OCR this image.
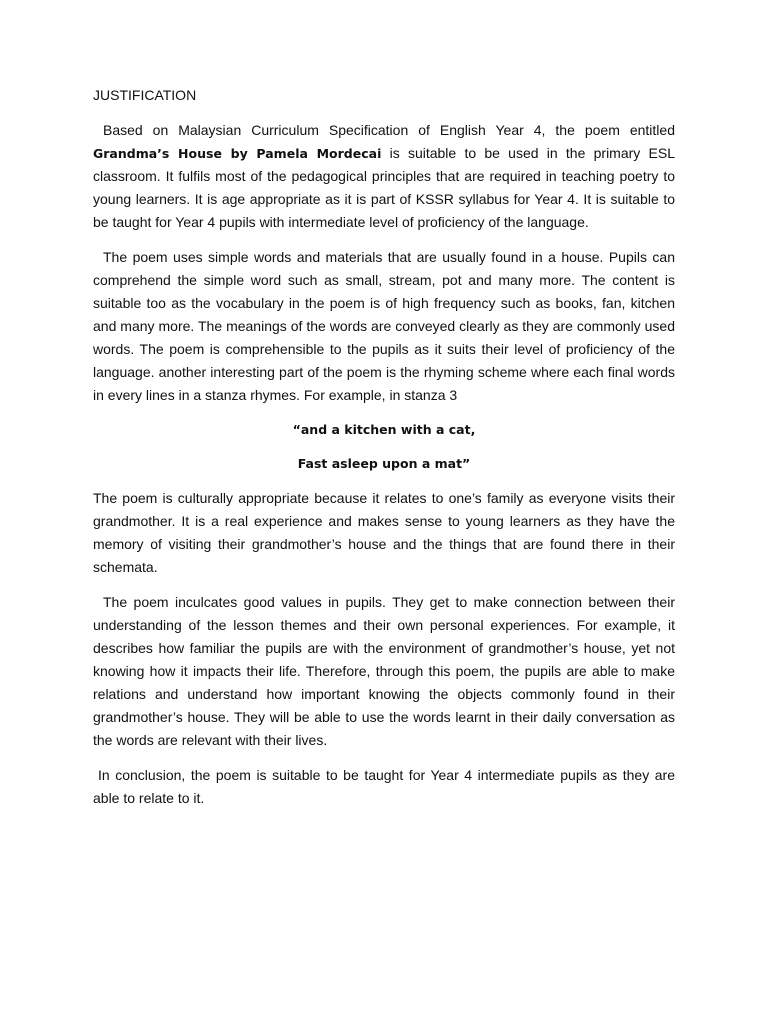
JUSTIFICATION

Based on Malaysian Curriculum Specification of English Year 4, the poem entitled Grandma’s House by Pamela Mordecai is suitable to be used in the primary ESL classroom. It fulfils most of the pedagogical principles that are required in teaching poetry to young learners. It is age appropriate as it is part of KSSR syllabus for Year 4. It is suitable to be taught for Year 4 pupils with intermediate level of proficiency of the language.

The poem uses simple words and materials that are usually found in a house. Pupils can comprehend the simple word such as small, stream, pot and many more. The content is suitable too as the vocabulary in the poem is of high frequency such as books, fan, kitchen and many more. The meanings of the words are conveyed clearly as they are commonly used words. The poem is comprehensible to the pupils as it suits their level of proficiency of the language. another interesting part of the poem is the rhyming scheme where each final words in every lines in a stanza rhymes. For example, in stanza 3

“and a kitchen with a cat,

Fast asleep upon a mat”

The poem is culturally appropriate because it relates to one’s family as everyone visits their grandmother. It is a real experience and makes sense to young learners as they have the memory of visiting their grandmother’s house and the things that are found there in their schemata.

The poem inculcates good values in pupils. They get to make connection between their understanding of the lesson themes and their own personal experiences. For example, it describes how familiar the pupils are with the environment of grandmother’s house, yet not knowing how it impacts their life. Therefore, through this poem, the pupils are able to make relations and understand how important knowing the objects commonly found in their grandmother’s house. They will be able to use the words learnt in their daily conversation as the words are relevant with their lives.

In conclusion, the poem is suitable to be taught for Year 4 intermediate pupils as they are able to relate to it.
